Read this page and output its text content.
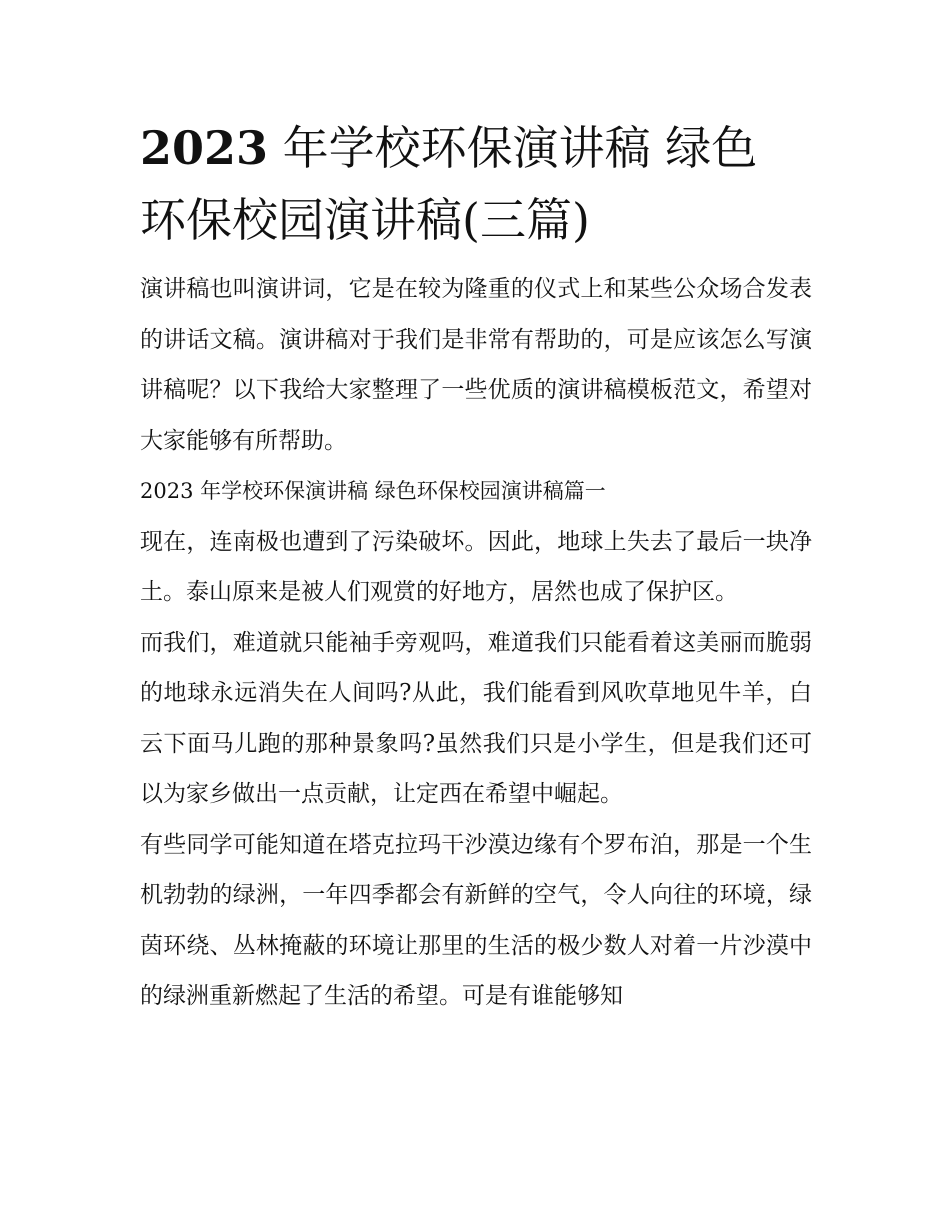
2023 年学校环保演讲稿 绿色
环保校园演讲稿(三篇)

演讲稿也叫演讲词，它是在较为隆重的仪式上和某些公众场合发表的讲话文稿。演讲稿对于我们是非常有帮助的，可是应该怎么写演讲稿呢？以下我给大家整理了一些优质的演讲稿模板范文，希望对大家能够有所帮助。

2023 年学校环保演讲稿 绿色环保校园演讲稿篇一

现在，连南极也遭到了污染破坏。因此，地球上失去了最后一块净土。泰山原来是被人们观赏的好地方，居然也成了保护区。

而我们，难道就只能袖手旁观吗，难道我们只能看着这美丽而脆弱的地球永远消失在人间吗?从此，我们能看到风吹草地见牛羊，白云下面马儿跑的那种景象吗?虽然我们只是小学生，但是我们还可以为家乡做出一点贡献，让定西在希望中崛起。

有些同学可能知道在塔克拉玛干沙漠边缘有个罗布泊，那是一个生机勃勃的绿洲，一年四季都会有新鲜的空气，令人向往的环境，绿茵环绕、丛林掩蔽的环境让那里的生活的极少数人对着一片沙漠中的绿洲重新燃起了生活的希望。可是有谁能够知
